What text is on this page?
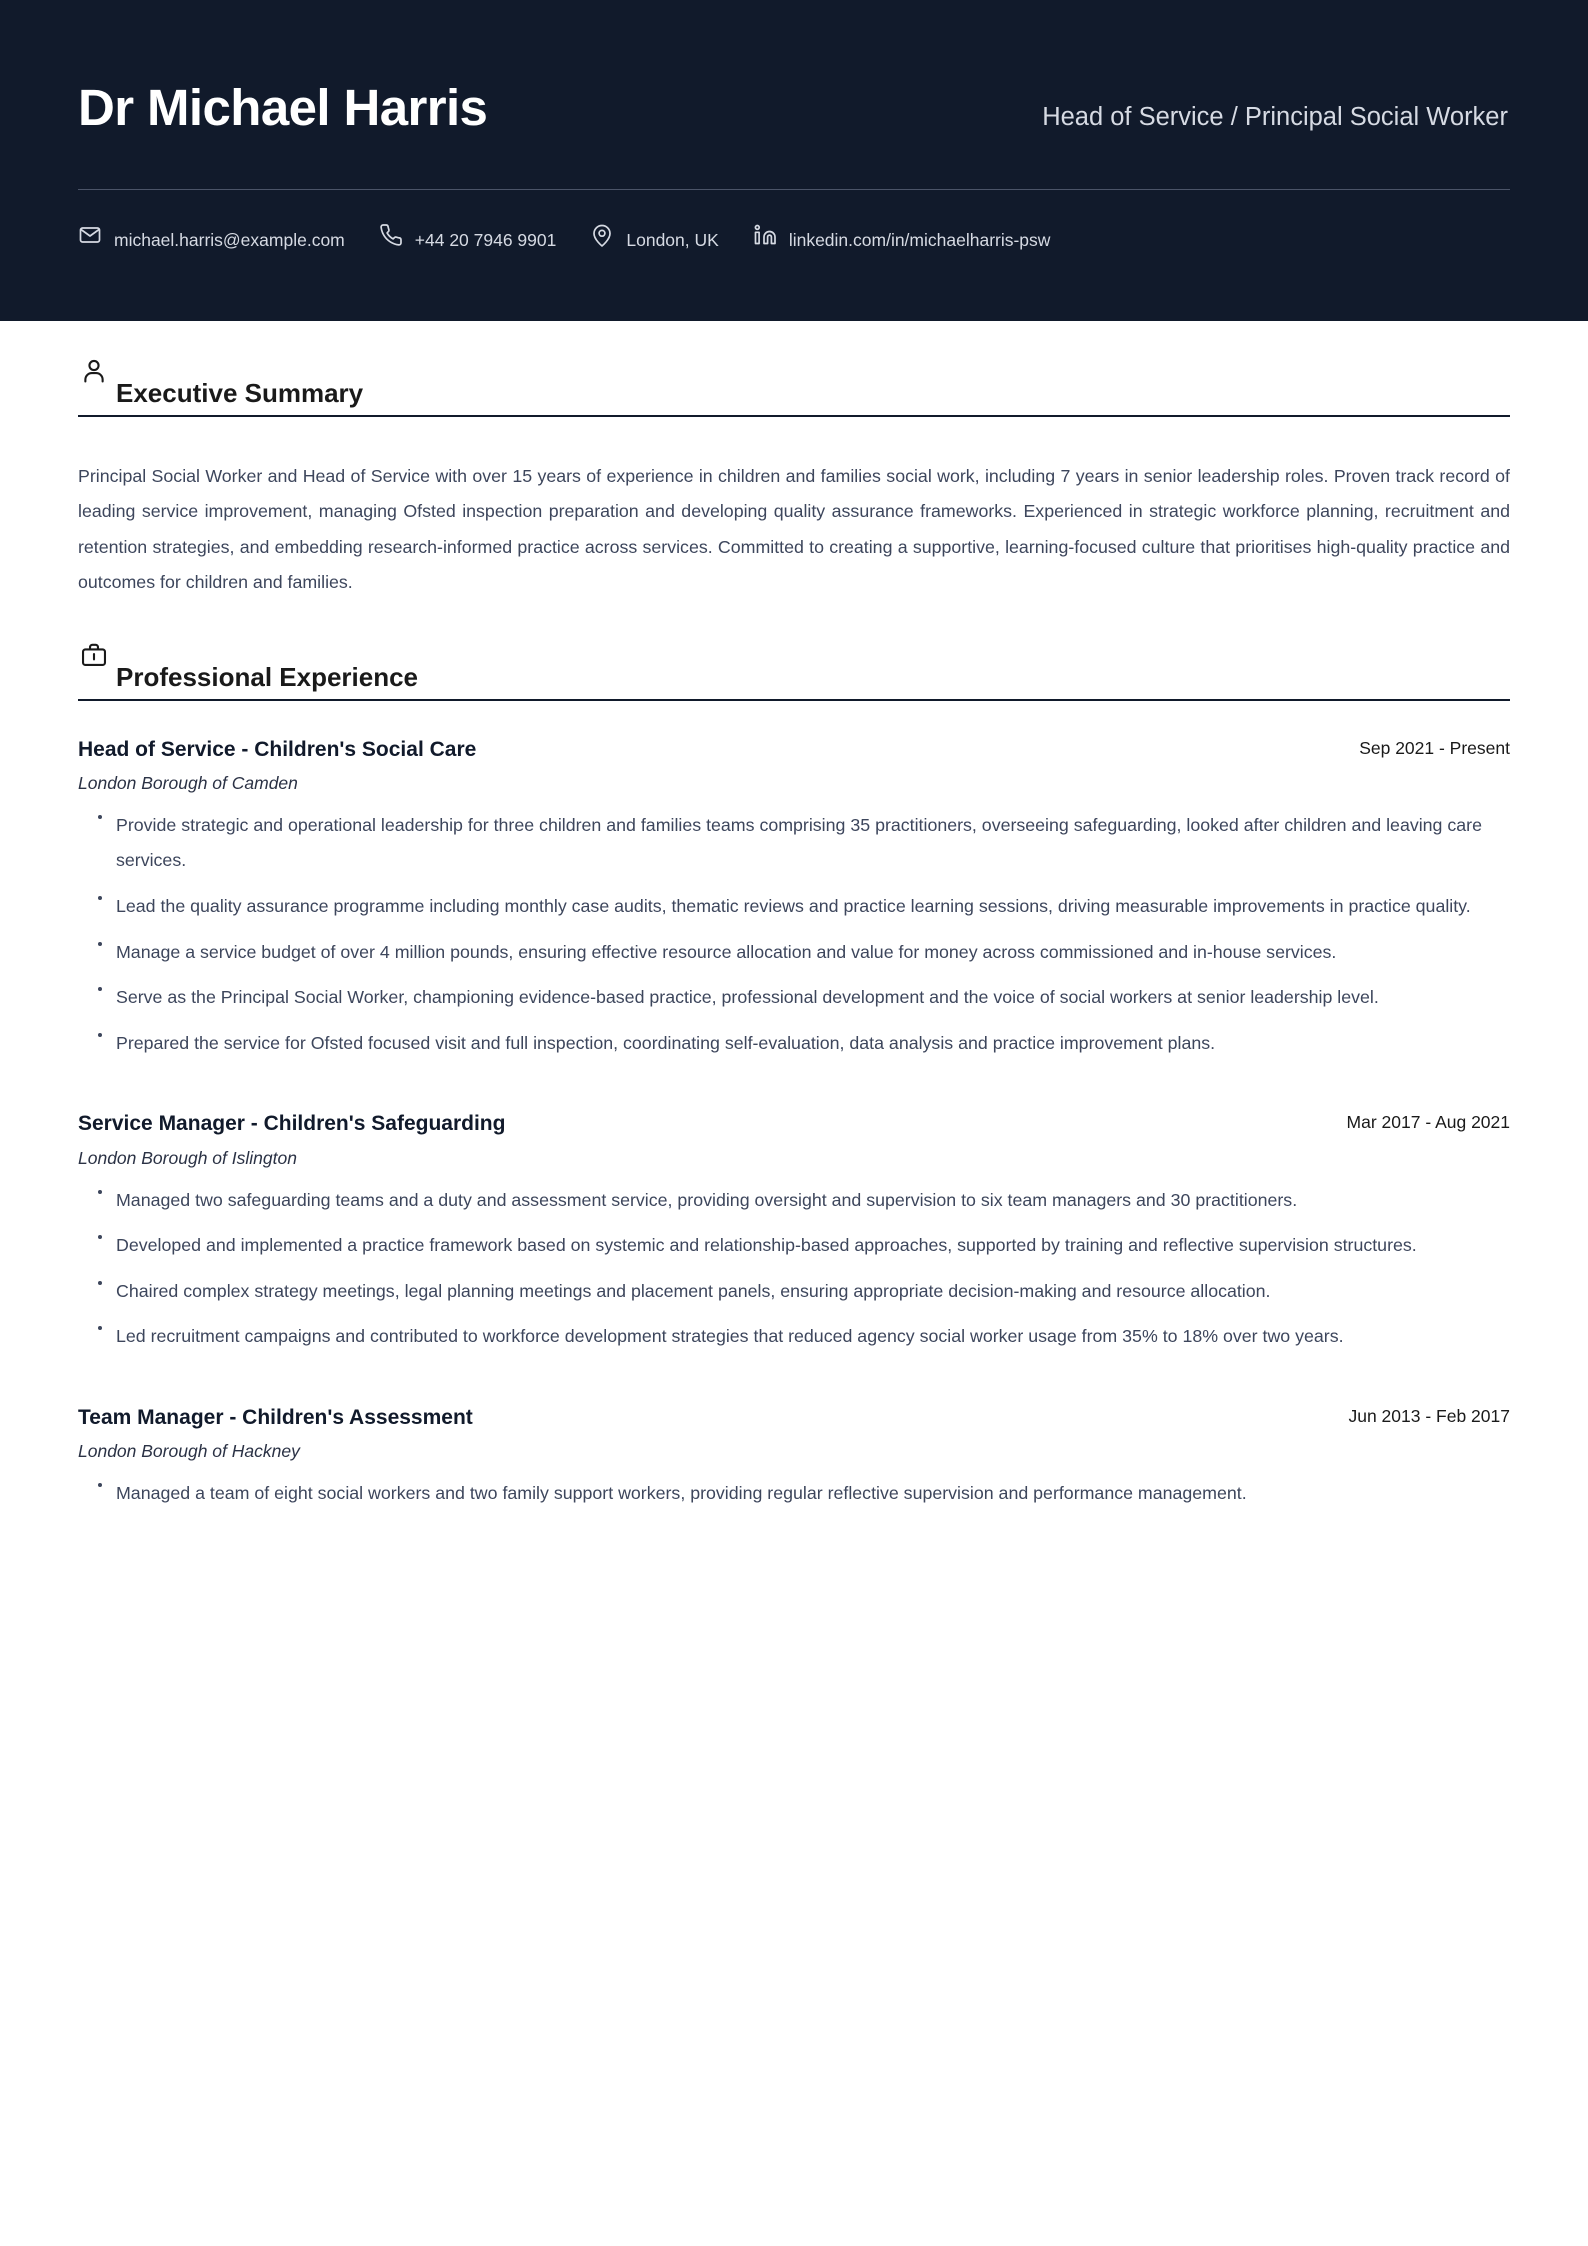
Dr Michael Harris	Head of Service / Principal Social Worker
michael.harris@example.com	+44 20 7946 9901	London, UK	linkedin.com/in/michaelharris-psw
Executive Summary

Principal Social Worker and Head of Service with over 15 years of experience in children and families social work, including 7 years in senior leadership roles. Proven track record of leading service improvement, managing Ofsted inspection preparation and developing quality assurance frameworks. Experienced in strategic workforce planning, recruitment and retention strategies, and embedding research-informed practice across services. Committed to creating a supportive, learning-focused culture that prioritises high-quality practice and outcomes for children and families.

Professional Experience
Head of Service - Children's Social Care	Sep 2021 - Present
London Borough of Camden
Provide strategic and operational leadership for three children and families teams comprising 35 practitioners, overseeing safeguarding, looked after children and leaving care services.
Lead the quality assurance programme including monthly case audits, thematic reviews and practice learning sessions, driving measurable improvements in practice quality.
Manage a service budget of over 4 million pounds, ensuring effective resource allocation and value for money across commissioned and in-house services.
Serve as the Principal Social Worker, championing evidence-based practice, professional development and the voice of social workers at senior leadership level.
Prepared the service for Ofsted focused visit and full inspection, coordinating self-evaluation, data analysis and practice improvement plans.
Service Manager - Children's Safeguarding	Mar 2017 - Aug 2021
London Borough of Islington
Managed two safeguarding teams and a duty and assessment service, providing oversight and supervision to six team managers and 30 practitioners.
Developed and implemented a practice framework based on systemic and relationship-based approaches, supported by training and reflective supervision structures.
Chaired complex strategy meetings, legal planning meetings and placement panels, ensuring appropriate decision-making and resource allocation.
Led recruitment campaigns and contributed to workforce development strategies that reduced agency social worker usage from 35% to 18% over two years.
Team Manager - Children's Assessment	Jun 2013 - Feb 2017
London Borough of Hackney
Managed a team of eight social workers and two family support workers, providing regular reflective supervision and performance management.
